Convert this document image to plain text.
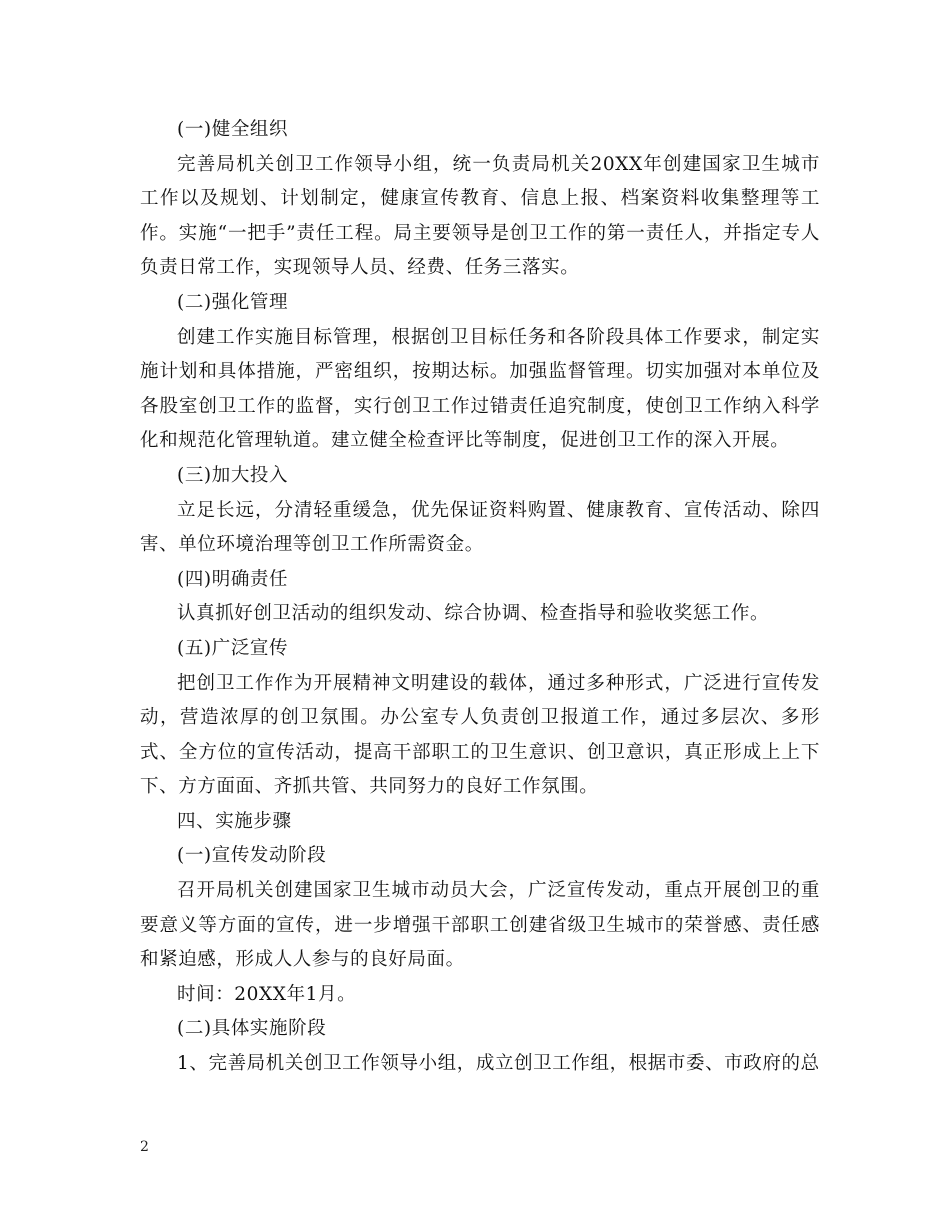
(一)健全组织

完善局机关创卫工作领导小组，统一负责局机关20XX年创建国家卫生城市工作以及规划、计划制定，健康宣传教育、信息上报、档案资料收集整理等工作。实施“一把手”责任工程。局主要领导是创卫工作的第一责任人，并指定专人负责日常工作，实现领导人员、经费、任务三落实。

(二)强化管理

创建工作实施目标管理，根据创卫目标任务和各阶段具体工作要求，制定实施计划和具体措施，严密组织，按期达标。加强监督管理。切实加强对本单位及各股室创卫工作的监督，实行创卫工作过错责任追究制度，使创卫工作纳入科学化和规范化管理轨道。建立健全检查评比等制度，促进创卫工作的深入开展。

(三)加大投入

立足长远，分清轻重缓急，优先保证资料购置、健康教育、宣传活动、除四害、单位环境治理等创卫工作所需资金。

(四)明确责任

认真抓好创卫活动的组织发动、综合协调、检查指导和验收奖惩工作。

(五)广泛宣传

把创卫工作作为开展精神文明建设的载体，通过多种形式，广泛进行宣传发动，营造浓厚的创卫氛围。办公室专人负责创卫报道工作，通过多层次、多形式、全方位的宣传活动，提高干部职工的卫生意识、创卫意识，真正形成上上下下、方方面面、齐抓共管、共同努力的良好工作氛围。

四、实施步骤

(一)宣传发动阶段

召开局机关创建国家卫生城市动员大会，广泛宣传发动，重点开展创卫的重要意义等方面的宣传，进一步增强干部职工创建省级卫生城市的荣誉感、责任感和紧迫感，形成人人参与的良好局面。

时间：20XX年1月。

(二)具体实施阶段

1、完善局机关创卫工作领导小组，成立创卫工作组，根据市委、市政府的总

2
